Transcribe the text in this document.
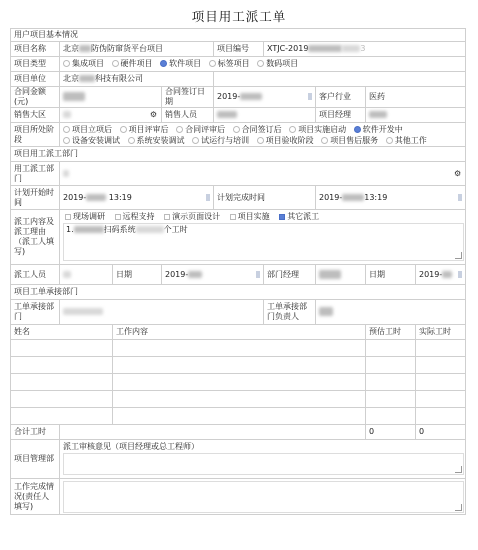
项目用工派工单
用户项目基本情况								
项目名称	北京 防伪防窜货平台项目			项目编号	XTJC-2019 3			
项目类型	集成项目 硬件项目 软件项目 标签项目 数码项目							
项目单位	北京 科技有限公司							
合同金额(元)			合同签订日期	2019-		客户行业	医药	
销售大区	⚙		销售人员			项目经理		
项目所处阶段	项目立项后 项目评审后 合同评审后 合同签订后 项目实施启动 软件开发中
设备安装调试 系统安装调试 试运行与培训 项目验收阶段 项目售后服务 其他工作							

项目用工派工部门								
用工派工部门	⚙							

计划开始时间	2019- 13:19			计划完成时间		2019- 13:19		

派工内容及派工理由（派工人填写)	现场调研 远程支持 演示页面设计 项目实施 其它派工
1. 扫码系统 个工时							

派工人员		日期	2019-		部门经理		日期	2019-

项目工单承接部门								
工单承接部门					工单承接部门负责人			
姓名		工作内容					预估工时	实际工时

合计工时							0	0
项目管理部	派工审核意见（项目经理或总工程师）							

工作完成情况(责任人填写)								
